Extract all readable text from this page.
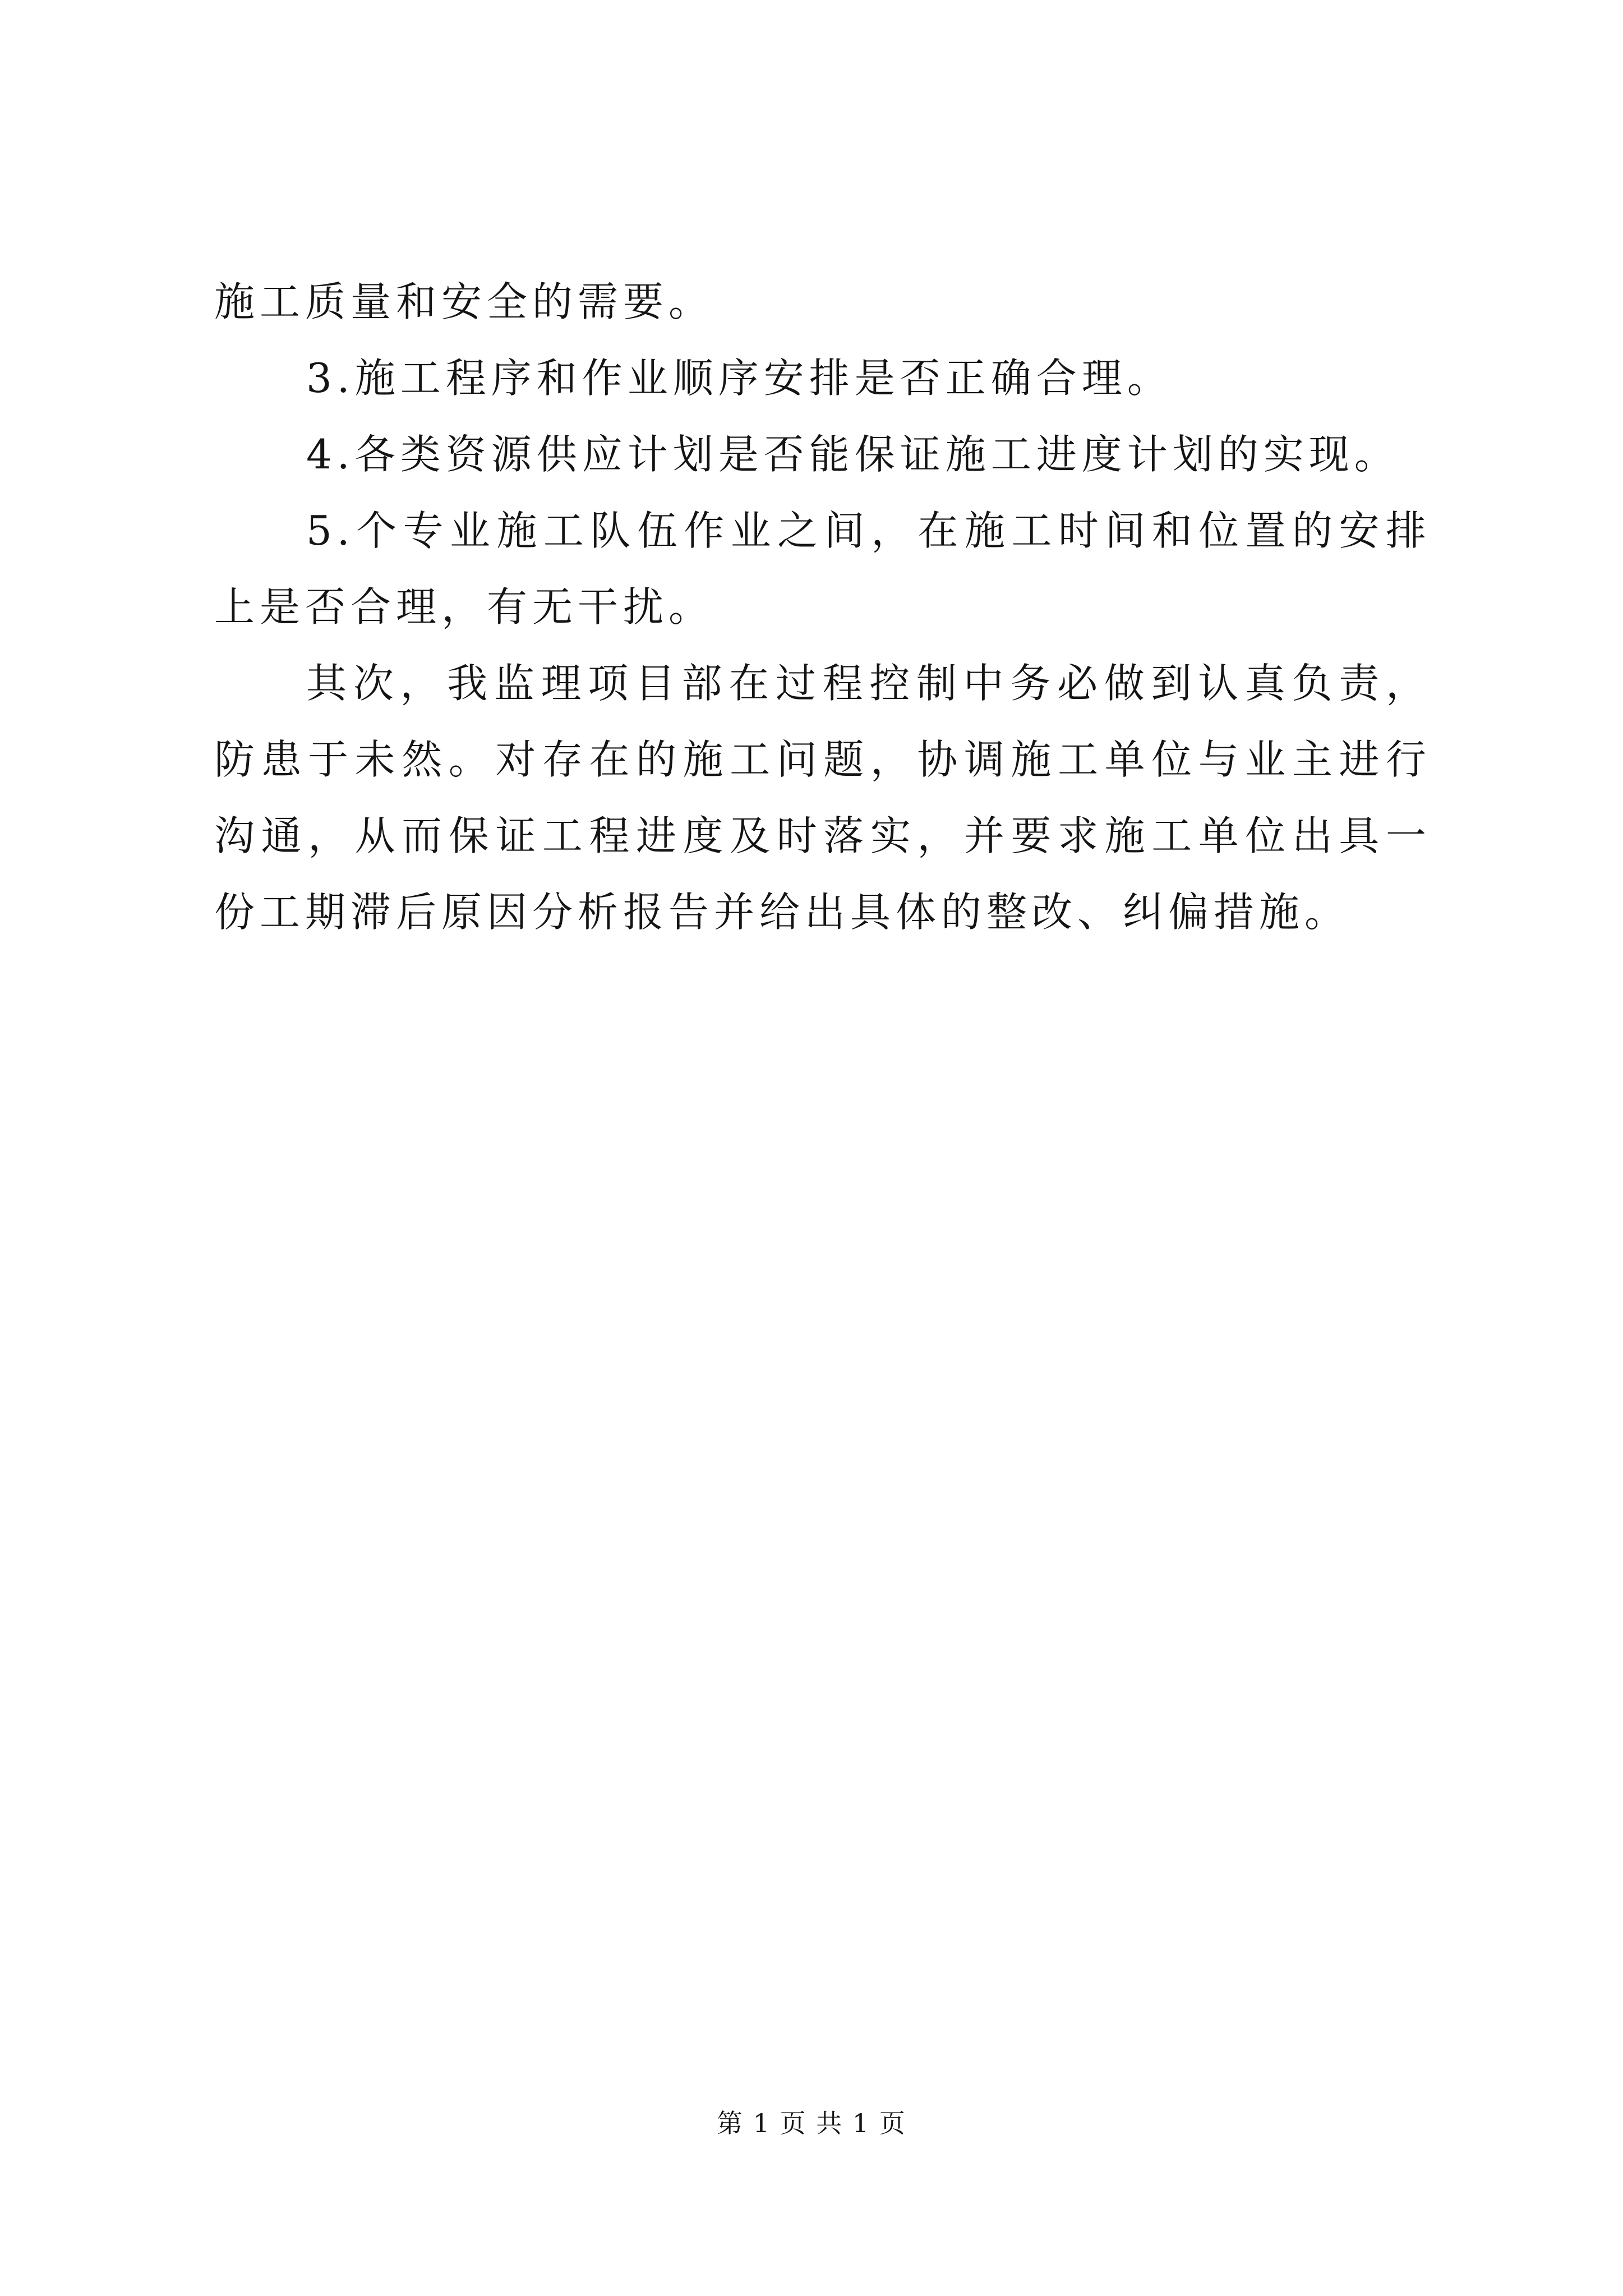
施工质量和安全的需要。

3.施工程序和作业顺序安排是否正确合理。

4.各类资源供应计划是否能保证施工进度计划的实现。

5.个专业施工队伍作业之间，在施工时间和位置的安排上是否合理，有无干扰。

其次，我监理项目部在过程控制中务必做到认真负责，防患于未然。对存在的施工问题，协调施工单位与业主进行沟通，从而保证工程进度及时落实，并要求施工单位出具一份工期滞后原因分析报告并给出具体的整改、纠偏措施。

第 1 页 共 1 页
